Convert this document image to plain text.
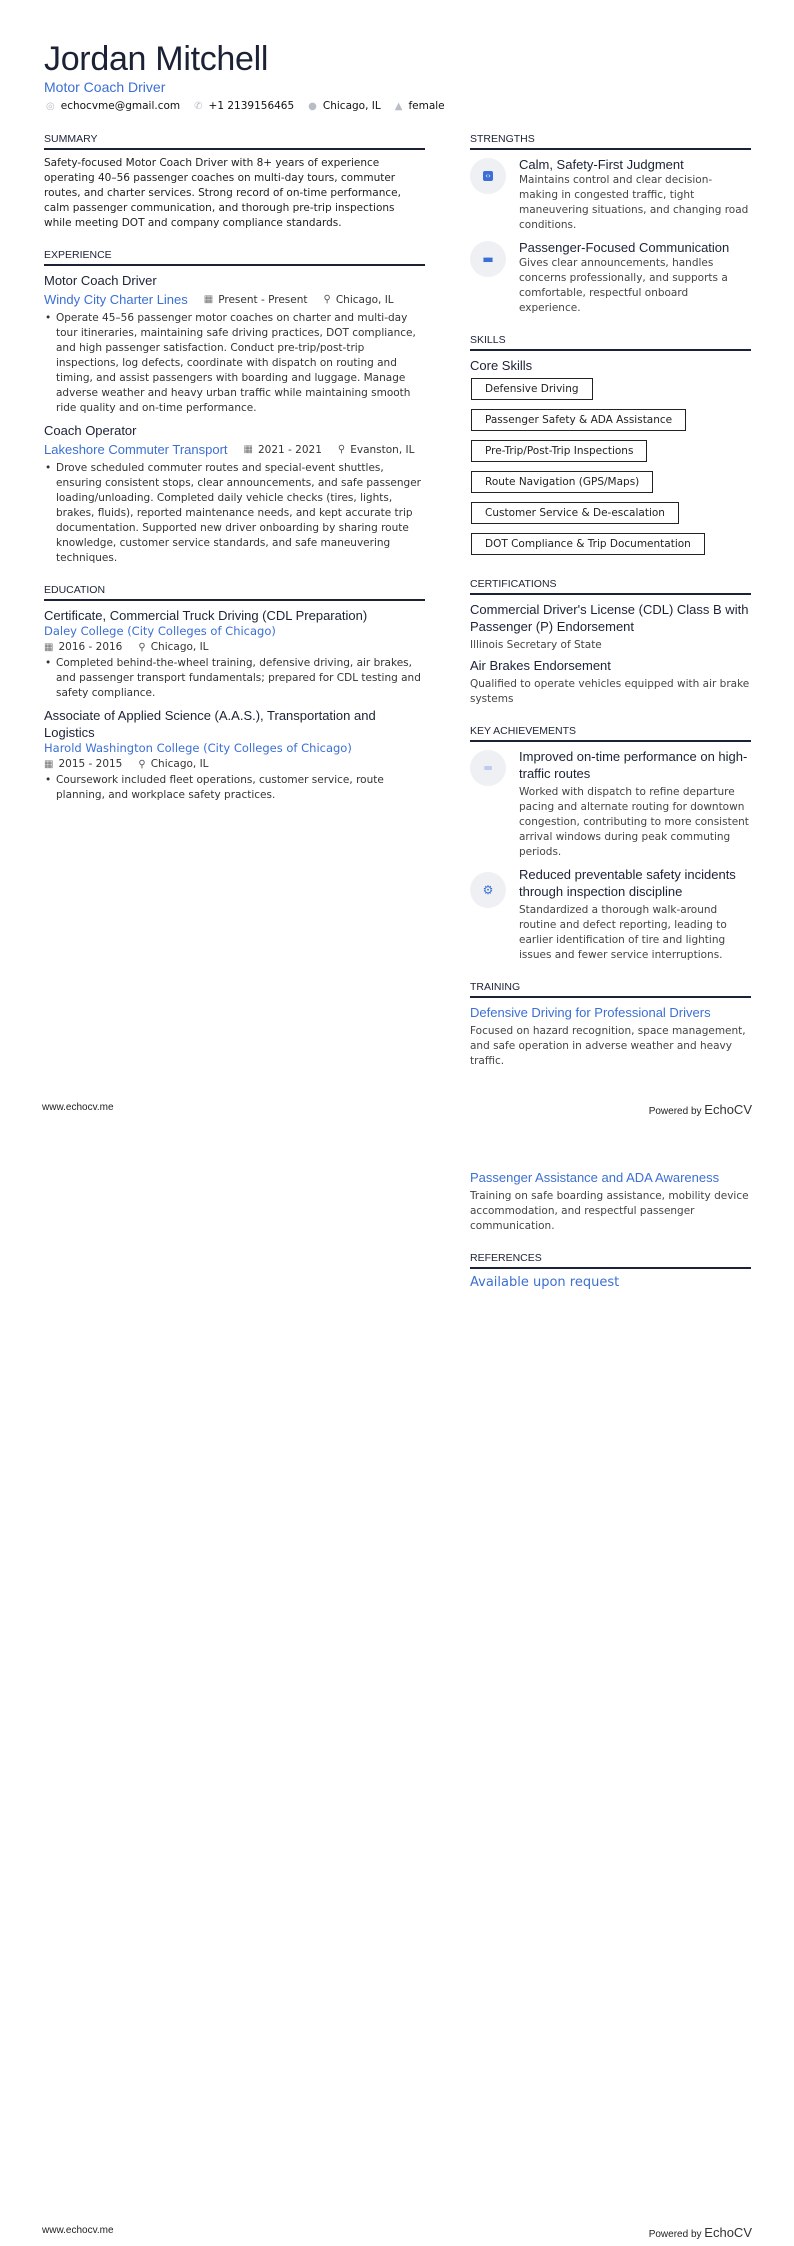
Jordan Mitchell
Motor Coach Driver
◎ echocvme@gmail.com ✆ +1 2139156465 ● Chicago, IL ▲ female
SUMMARY
Safety-focused Motor Coach Driver with 8+ years of experience operating 40–56 passenger coaches on multi-day tours, commuter routes, and charter services. Strong record of on-time performance, calm passenger communication, and thorough pre-trip inspections while meeting DOT and company compliance standards.
EXPERIENCE
Motor Coach Driver
Windy City Charter Lines ▦ Present - Present ⚲ Chicago, IL
• Operate 45–56 passenger motor coaches on charter and multi-day tour itineraries, maintaining safe driving practices, DOT compliance, and high passenger satisfaction. Conduct pre-trip/post-trip inspections, log defects, coordinate with dispatch on routing and timing, and assist passengers with boarding and luggage. Manage adverse weather and heavy urban traffic while maintaining smooth ride quality and on-time performance.
Coach Operator
Lakeshore Commuter Transport ▦ 2021 - 2021 ⚲ Evanston, IL
• Drove scheduled commuter routes and special-event shuttles, ensuring consistent stops, clear announcements, and safe passenger loading/unloading. Completed daily vehicle checks (tires, lights, brakes, fluids), reported maintenance needs, and kept accurate trip documentation. Supported new driver onboarding by sharing route knowledge, customer service standards, and safe maneuvering techniques.
EDUCATION
Certificate, Commercial Truck Driving (CDL Preparation)
Daley College (City Colleges of Chicago)
▦ 2016 - 2016 ⚲ Chicago, IL
• Completed behind-the-wheel training, defensive driving, air brakes, and passenger transport fundamentals; prepared for CDL testing and safety compliance.
Associate of Applied Science (A.A.S.), Transportation and Logistics
Harold Washington College (City Colleges of Chicago)
▦ 2015 - 2015 ⚲ Chicago, IL
• Coursework included fleet operations, customer service, route planning, and workplace safety practices.
STRENGTHS
‹›
Calm, Safety-First Judgment
Maintains control and clear decision-making in congested traffic, tight maneuvering situations, and changing road conditions.
▬
Passenger-Focused Communication
Gives clear announcements, handles concerns professionally, and supports a comfortable, respectful onboard experience.
SKILLS
Core Skills
Defensive Driving
Passenger Safety & ADA Assistance
Pre-Trip/Post-Trip Inspections
Route Navigation (GPS/Maps)
Customer Service & De-escalation
DOT Compliance & Trip Documentation
CERTIFICATIONS
Commercial Driver's License (CDL) Class B with Passenger (P) Endorsement
Illinois Secretary of State
Air Brakes Endorsement
Qualified to operate vehicles equipped with air brake systems
KEY ACHIEVEMENTS
═
Improved on-time performance on high-traffic routes
Worked with dispatch to refine departure pacing and alternate routing for downtown congestion, contributing to more consistent arrival windows during peak commuting periods.
⚙
Reduced preventable safety incidents through inspection discipline
Standardized a thorough walk-around routine and defect reporting, leading to earlier identification of tire and lighting issues and fewer service interruptions.
TRAINING
Defensive Driving for Professional Drivers
Focused on hazard recognition, space management, and safe operation in adverse weather and heavy traffic.
www.echocv.me	Powered by EchoCV
Passenger Assistance and ADA Awareness
Training on safe boarding assistance, mobility device accommodation, and respectful passenger communication.
REFERENCES
Available upon request
www.echocv.me	Powered by EchoCV
